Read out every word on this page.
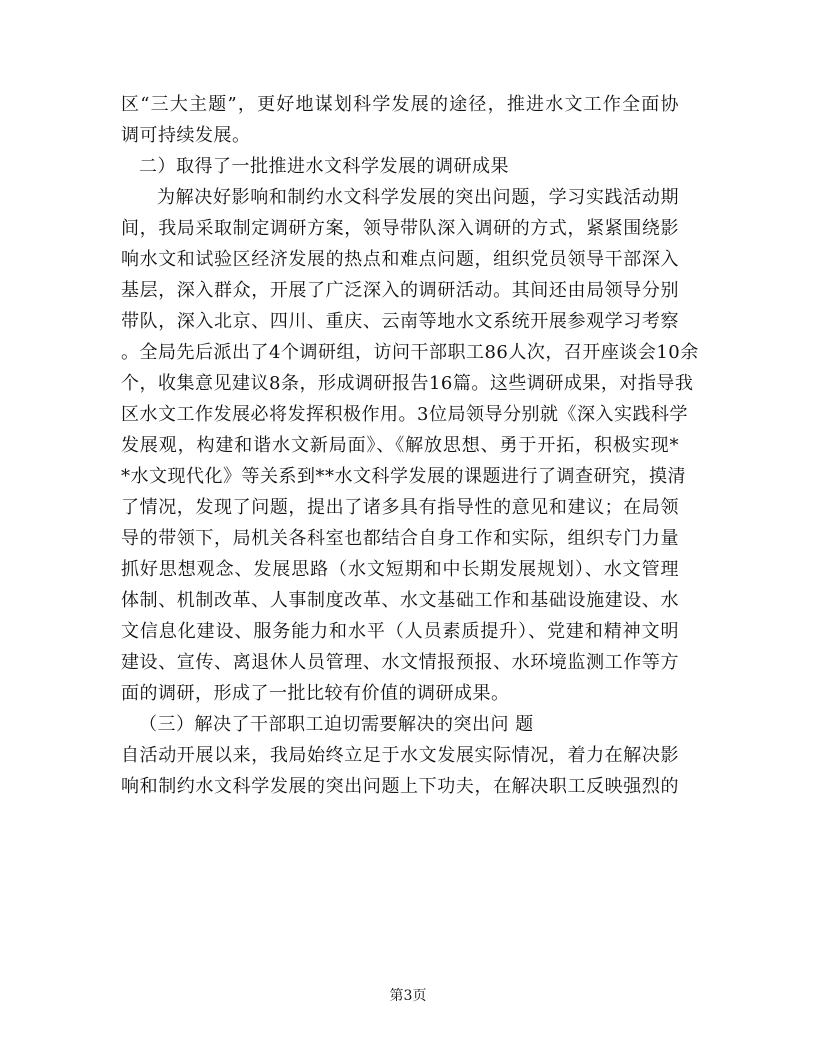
区“三大主题”，更好地谋划科学发展的途径，推进水文工作全面协
调可持续发展。
二）取得了一批推进水文科学发展的调研成果
为解决好影响和制约水文科学发展的突出问题，学习实践活动期
间，我局采取制定调研方案，领导带队深入调研的方式，紧紧围绕影
响水文和试验区经济发展的热点和难点问题，组织党员领导干部深入
基层，深入群众，开展了广泛深入的调研活动。其间还由局领导分别
带队，深入北京、四川、重庆、云南等地水文系统开展参观学习考察
。全局先后派出了4个调研组，访问干部职工86人次，召开座谈会10余
个，收集意见建议8条，形成调研报告16篇。这些调研成果，对指导我
区水文工作发展必将发挥积极作用。3位局领导分别就《深入实践科学
发展观，构建和谐水文新局面》、《解放思想、勇于开拓，积极实现*
*水文现代化》等关系到**水文科学发展的课题进行了调查研究，摸清
了情况，发现了问题，提出了诸多具有指导性的意见和建议；在局领
导的带领下，局机关各科室也都结合自身工作和实际，组织专门力量
抓好思想观念、发展思路（水文短期和中长期发展规划）、水文管理
体制、机制改革、人事制度改革、水文基础工作和基础设施建设、水
文信息化建设、服务能力和水平（人员素质提升）、党建和精神文明
建设、宣传、离退休人员管理、水文情报预报、水环境监测工作等方
面的调研，形成了一批比较有价值的调研成果。
（三）解决了干部职工迫切需要解决的突出问 题
自活动开展以来，我局始终立足于水文发展实际情况，着力在解决影
响和制约水文科学发展的突出问题上下功夫，在解决职工反映强烈的
第3页
